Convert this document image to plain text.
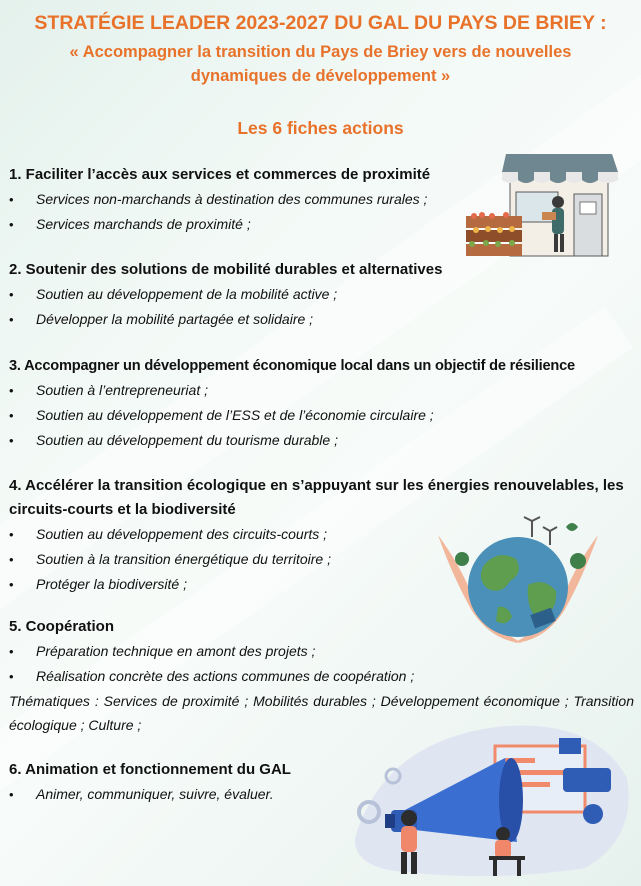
STRATÉGIE LEADER 2023-2027 DU GAL DU PAYS DE BRIEY :
« Accompagner la transition du Pays de Briey vers de nouvelles dynamiques de développement »
Les 6 fiches actions
1. Faciliter l’accès aux services et commerces de proximité
• Services non-marchands à destination des communes rurales ;
• Services marchands de proximité ;
2. Soutenir des solutions de mobilité durables et alternatives
• Soutien au développement de la mobilité active ;
• Développer la mobilité partagée et solidaire ;
3. Accompagner un développement économique local dans un objectif de résilience
• Soutien à l’entrepreneuriat ;
• Soutien au développement de l’ESS et de l’économie circulaire ;
• Soutien au développement du tourisme durable ;
4. Accélérer la transition écologique en s’appuyant sur les énergies renouvelables, les circuits-courts et la biodiversité
• Soutien au développement des circuits-courts ;
• Soutien à la transition énergétique du territoire ;
• Protéger la biodiversité ;
5. Coopération
• Préparation technique en amont des projets ;
• Réalisation concrète des actions communes de coopération ;

Thématiques : Services de proximité ; Mobilités durables ; Développement économique ; Transition écologique ; Culture ;

6. Animation et fonctionnement du GAL
• Animer, communiquer, suivre, évaluer.
